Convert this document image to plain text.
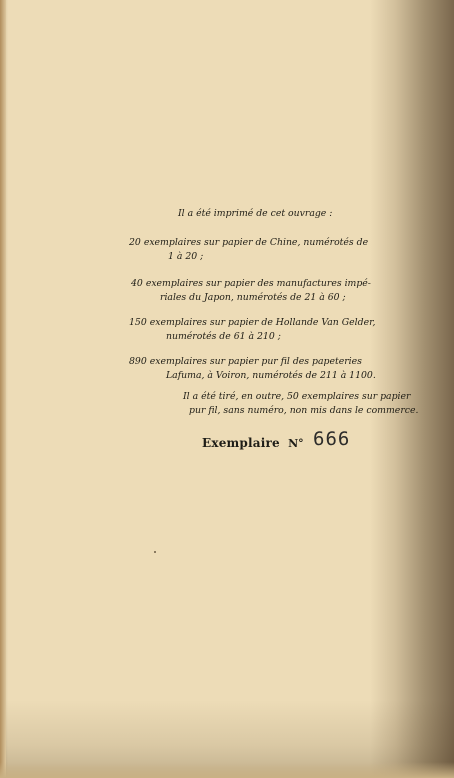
Il a été imprimé de cet ouvrage :
20 exemplaires sur papier de Chine, numérotés de
1 à 20 ;
40 exemplaires sur papier des manufactures impé-
riales du Japon, numérotés de 21 à 60 ;
150 exemplaires sur papier de Hollande Van Gelder,
numérotés de 61 à 210 ;
890 exemplaires sur papier pur fil des papeteries
Lafuma, à Voiron, numérotés de 211 à 1100.
Il a été tiré, en outre, 50 exemplaires sur papier
pur fil, sans numéro, non mis dans le commerce.
Exemplaire N° 666
